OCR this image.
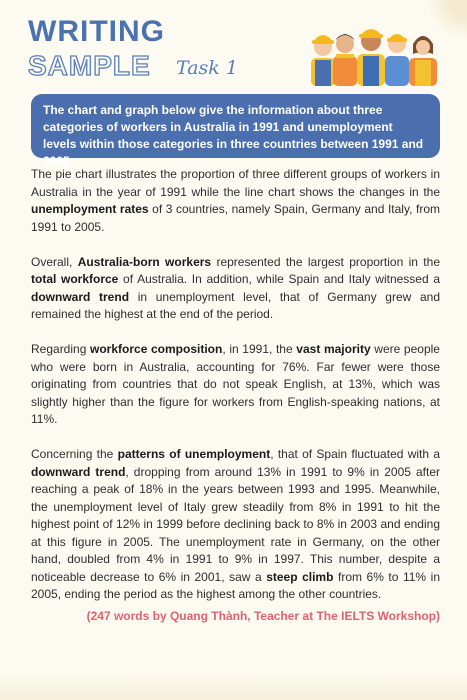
WRITING
SAMPLE Task 1
The chart and graph below give the information about three categories of workers in Australia in 1991 and unemployment levels within those categories in three countries between 1991 and 2005

The pie chart illustrates the proportion of three different groups of workers in Australia in the year of 1991 while the line chart shows the changes in the unemployment rates of 3 countries, namely Spain, Germany and Italy, from 1991 to 2005.

Overall, Australia-born workers represented the largest proportion in the total workforce of Australia. In addition, while Spain and Italy witnessed a downward trend in unemployment level, that of Germany grew and remained the highest at the end of the period.

Regarding workforce composition, in 1991, the vast majority were people who were born in Australia, accounting for 76%. Far fewer were those originating from countries that do not speak English, at 13%, which was slightly higher than the figure for workers from English-speaking nations, at 11%.

Concerning the patterns of unemployment, that of Spain fluctuated with a downward trend, dropping from around 13% in 1991 to 9% in 2005 after reaching a peak of 18% in the years between 1993 and 1995. Meanwhile, the unemployment level of Italy grew steadily from 8% in 1991 to hit the highest point of 12% in 1999 before declining back to 8% in 2003 and ending at this figure in 2005. The unemployment rate in Germany, on the other hand, doubled from 4% in 1991 to 9% in 1997. This number, despite a noticeable decrease to 6% in 2001, saw a steep climb from 6% to 11% in 2005, ending the period as the highest among the other countries.

(247 words by Quang Thành, Teacher at The IELTS Workshop)
